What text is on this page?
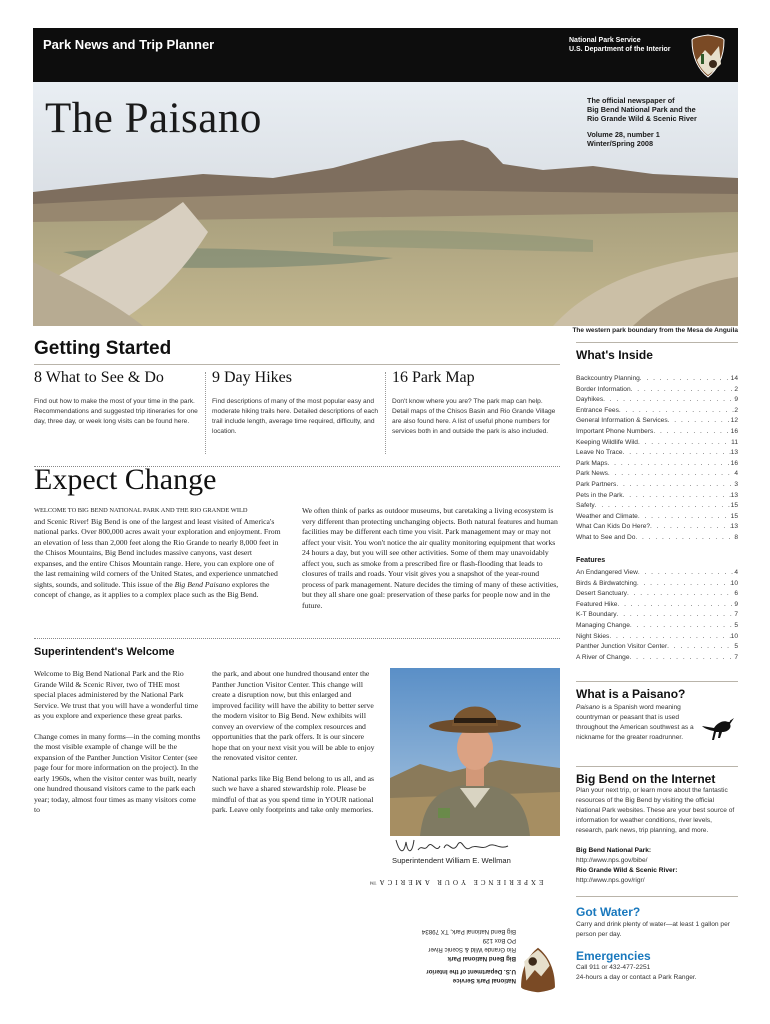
Park News and Trip Planner	National Park Service
U.S. Department of the Interior
The Paisano	The official newspaper of
Big Bend National Park and the
Rio Grande Wild & Scenic River
Volume 28, number 1
Winter/Spring 2008
The western park boundary from the Mesa de Anguila
Getting Started
8 What to See & Do
Find out how to make the most of your time in the park. Recommendations and suggested trip itineraries for one day, three day, or week long visits can be found here.
9 Day Hikes
Find descriptions of many of the most popular easy and moderate hiking trails here. Detailed descriptions of each trail include length, average time required, difficulty, and location.
16 Park Map
Don't know where you are? The park map can help. Detail maps of the Chisos Basin and Rio Grande Village are also found here. A list of useful phone numbers for services both in and outside the park is also included.
Expect Change
WELCOME TO BIG BEND NATIONAL PARK AND THE RIO GRANDE WILD
and Scenic River! Big Bend is one of the largest and least visited of America's national parks. Over 800,000 acres await your exploration and enjoyment. From an elevation of less than 2,000 feet along the Rio Grande to nearly 8,000 feet in the Chisos Mountains, Big Bend includes massive canyons, vast desert expanses, and the entire Chisos Mountain range. Here, you can explore one of the last remaining wild corners of the United States, and experience unmatched sights, sounds, and solitude. This issue of the Big Bend Paisano explores the concept of change, as it applies to a complex place such as the Big Bend.
We often think of parks as outdoor museums, but caretaking a living ecosystem is very different than protecting unchanging objects. Both natural features and human facilities may be different each time you visit. Park management may or may not affect your visit. You won't notice the air quality monitoring equipment that works 24 hours a day, but you will see other activities. Some of them may unavoidably affect you, such as smoke from a prescribed fire or flash-flooding that leads to closures of trails and roads. Your visit gives you a snapshot of the year-round process of park management. Nature decides the timing of many of these activities, but they all share one goal: preservation of these parks for people now and in the future.
Superintendent's Welcome
Welcome to Big Bend National Park and the Rio Grande Wild & Scenic River, two of THE most special places administered by the National Park Service. We trust that you will have a wonderful time as you explore and experience these great parks.
Change comes in many forms—in the coming months the most visible example of change will be the expansion of the Panther Junction Visitor Center (see page four for more information on the project). In the early 1960s, when the visitor center was built, nearly one hundred thousand visitors came to the park each year; today, almost four times as many visitors come to
the park, and about one hundred thousand enter the Panther Junction Visitor Center. This change will create a disruption now, but this enlarged and improved facility will have the ability to better serve the modern visitor to Big Bend. New exhibits will convey an overview of the complex resources and opportunities that the park offers. It is our sincere hope that on your next visit you will be able to enjoy the renovated visitor center.
National parks like Big Bend belong to us all, and as such we have a shared stewardship role. Please be mindful of that as you spend time in YOUR national park. Leave only footprints and take only memories.
Superintendent William E. Wellman
EXPERIENCE YOUR AMERICA™
National Park Service
U.S. Department of the Interior
Big Bend National Park
Rio Grande Wild & Scenic River
PO Box 129
Big Bend National Park, TX 79834
What's Inside
Backcountry Planning . . .	14
Border Information . . .	2
Dayhikes . . .	9
Entrance Fees . . .	2
General Information & Services . . .	12
Important Phone Numbers . . .	16
Keeping Wildlife Wild . . .	11
Leave No Trace . . .	13
Park Maps . . .	16
Park News . . .	4
Park Partners . . .	3
Pets in the Park . . .	13
Safety . . .	15
Weather and Climate . . .	15
What Can Kids Do Here? . . .	13
What to See and Do . . .	8
Features
An Endangered View . . .	4
Birds & Birdwatching . . .	10
Desert Sanctuary . . .	6
Featured Hike . . .	9
K-T Boundary . . .	7
Managing Change . . .	5
Night Skies . . .	10
Panther Junction Visitor Center . . .	5
A River of Change . . .	7
What is a Paisano?
Paisano is a Spanish word meaning countryman or peasant that is used throughout the American southwest as a nickname for the greater roadrunner.
Big Bend on the Internet
Plan your next trip, or learn more about the fantastic resources of the Big Bend by visiting the official National Park websites. These are your best source of information for weather conditions, river levels, research, park news, trip planning, and more.
Big Bend National Park:
http://www.nps.gov/bibe/
Rio Grande Wild & Scenic River:
http://www.nps.gov/rigr/
Got Water?
Carry and drink plenty of water—at least 1 gallon per person per day.
Emergencies
Call 911 or 432-477-2251
24-hours a day or contact a Park Ranger.
